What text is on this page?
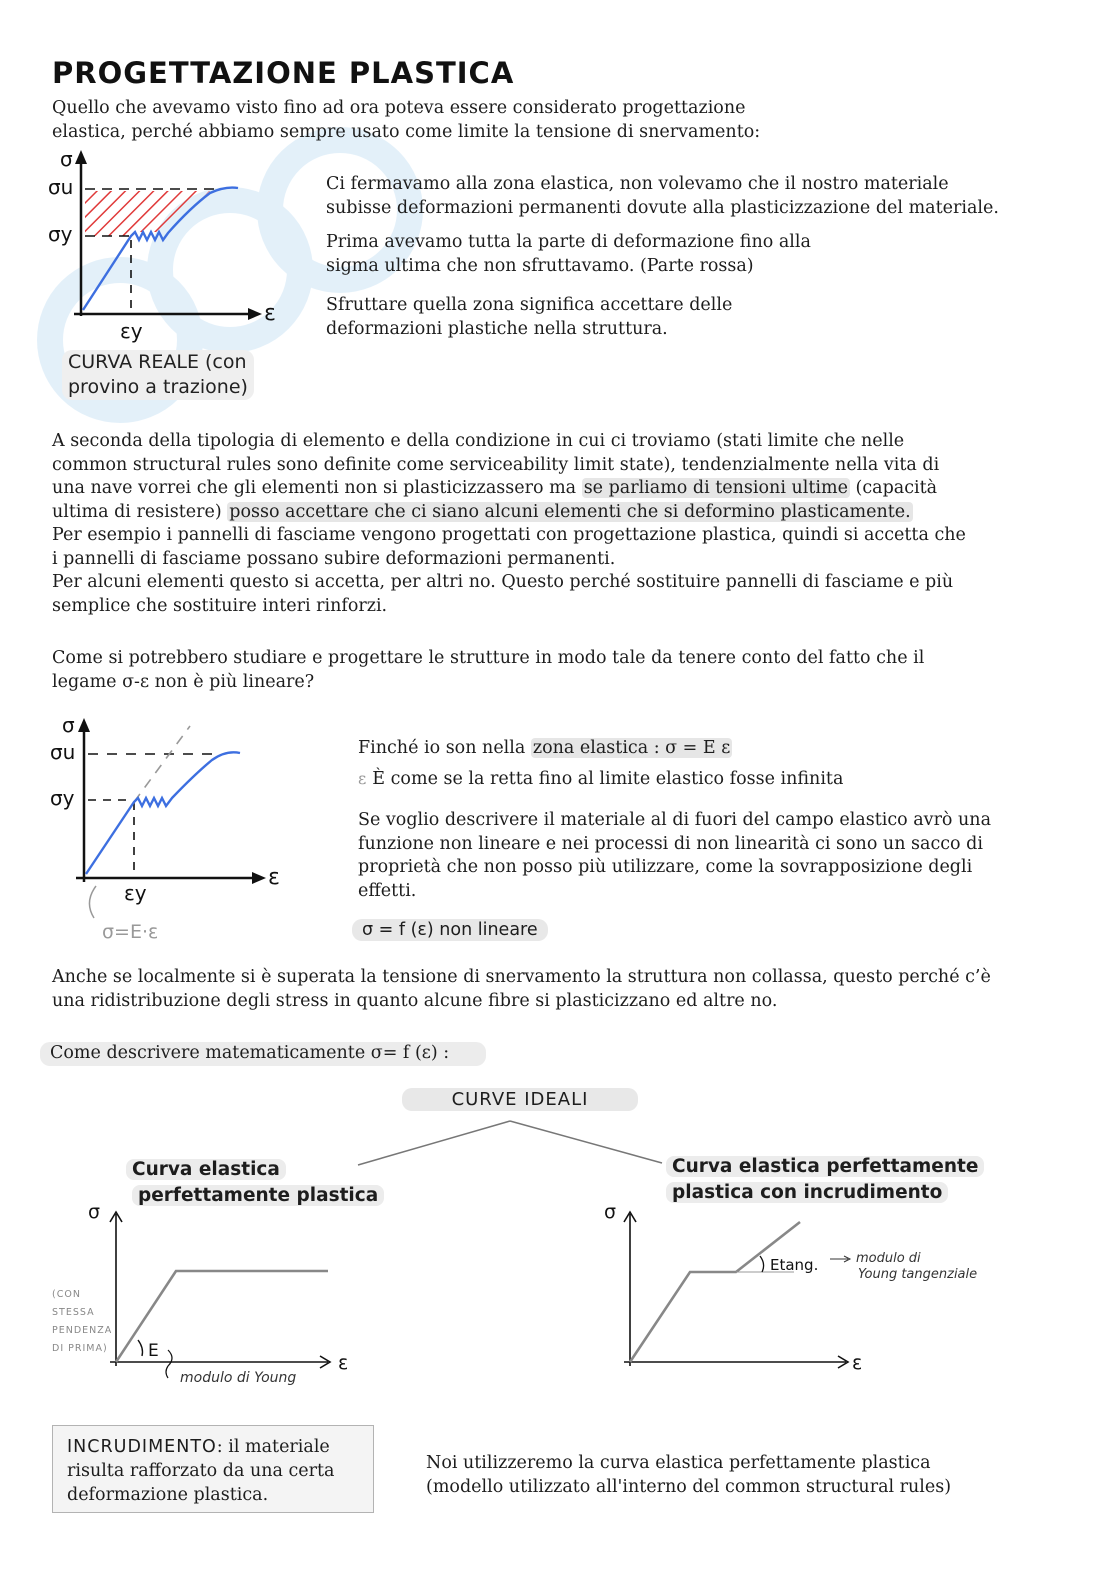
PROGETTAZIONE PLASTICA
Quello che avevamo visto fino ad ora poteva essere considerato progettazione
elastica, perché abbiamo sempre usato come limite la tensione di snervamento:
σ
σu
σy
ε
εy
CURVA REALE (con
provino a trazione)
Ci fermavamo alla zona elastica, non volevamo che il nostro materiale
subisse deformazioni permanenti dovute alla plasticizzazione del materiale.
Prima avevamo tutta la parte di deformazione fino alla
sigma ultima che non sfruttavamo. (Parte rossa)
Sfruttare quella zona significa accettare delle
deformazioni plastiche nella struttura.
A seconda della tipologia di elemento e della condizione in cui ci troviamo (stati limite che nelle
common structural rules sono definite come serviceability limit state), tendenzialmente nella vita di
una nave vorrei che gli elementi non si plasticizzassero ma se parliamo di tensioni ultime (capacità
ultima di resistere) posso accettare che ci siano alcuni elementi che si deformino plasticamente.
Per esempio i pannelli di fasciame vengono progettati con progettazione plastica, quindi si accetta che
i pannelli di fasciame possano subire deformazioni permanenti.
Per alcuni elementi questo si accetta, per altri no. Questo perché sostituire pannelli di fasciame e più
semplice che sostituire interi rinforzi.
Come si potrebbero studiare e progettare le strutture in modo tale da tenere conto del fatto che il
legame σ-ε non è più lineare?
σ
σu
σy
ε
εy
σ=E·ε
Finché io son nella zona elastica : σ = E ε
ε È come se la retta fino al limite elastico fosse infinita
Se voglio descrivere il materiale al di fuori del campo elastico avrò una
funzione non lineare e nei processi di non linearità ci sono un sacco di
proprietà che non posso più utilizzare, come la sovrapposizione degli
effetti.
σ = f (ε) non lineare
Anche se localmente si è superata la tensione di snervamento la struttura non collassa, questo perché c’è
una ridistribuzione degli stress in quanto alcune fibre si plasticizzano ed altre no.
Come descrivere matematicamente σ= f (ε) :
CURVE IDEALI
Curva elastica
perfettamente plastica
Curva elastica perfettamente
plastica con incrudimento
σ
ε
E
modulo di Young
(CON
STESSA
PENDENZA
DI PRIMA)
σ
ε
Etang.	modulo di
Young tangenziale
INCRUDIMENTO: il materiale
risulta rafforzato da una certa
deformazione plastica.
Noi utilizzeremo la curva elastica perfettamente plastica
(modello utilizzato all'interno del common structural rules)
